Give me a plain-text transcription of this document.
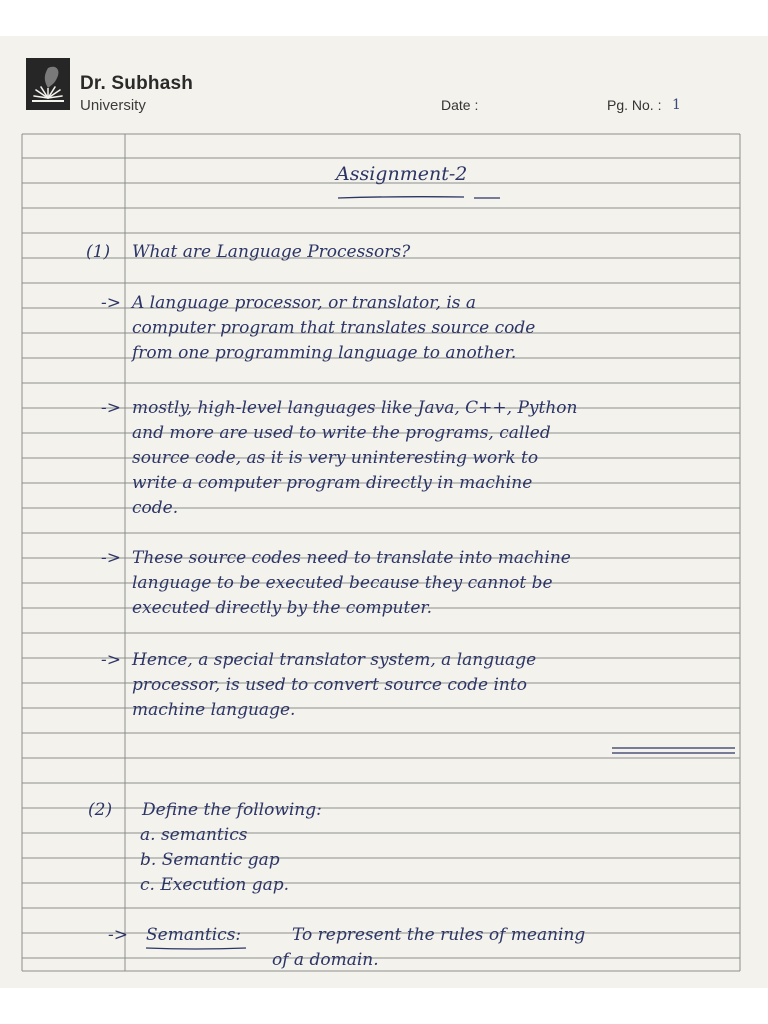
Dr. Subhash
University	Date :	Pg. No. : 1
Assignment-2
(1) What are Language Processors?
-> A language processor, or translator, is a
computer program that translates source code
from one programming language to another.
-> mostly, high-level languages like Java, C++, Python
and more are used to write the programs, called
source code, as it is very uninteresting work to
write a computer program directly in machine
code.
-> These source codes need to translate into machine
language to be executed because they cannot be
executed directly by the computer.
-> Hence, a special translator system, a language
processor, is used to convert source code into
machine language.
(2) Define the following:
a. semantics
b. Semantic gap
c. Execution gap.
-> Semantics:	To represent the rules of meaning
of a domain.
